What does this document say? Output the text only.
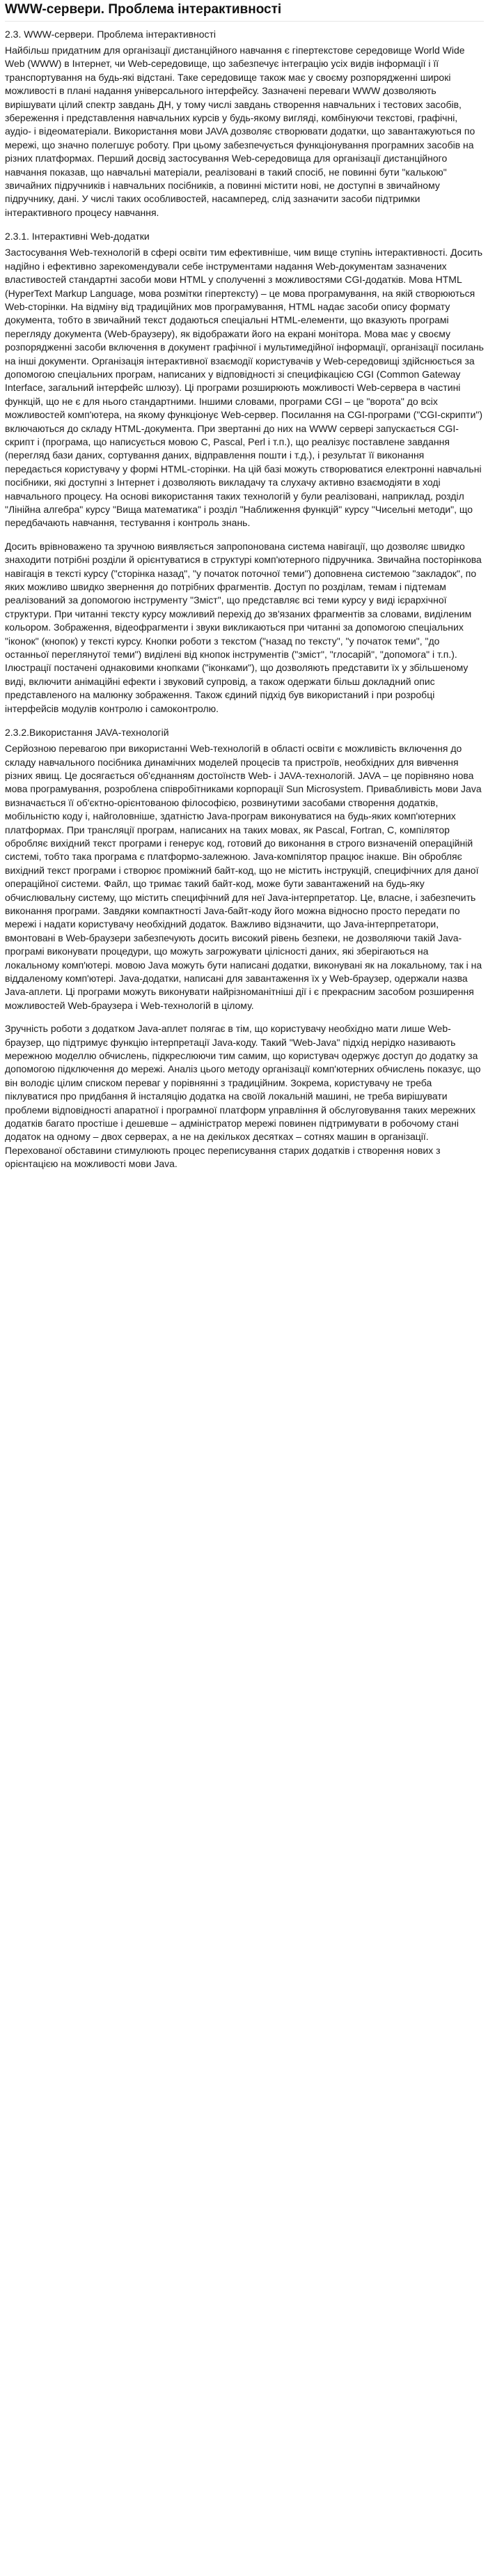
WWW-сервери. Проблема інтерактивності
2.3. WWW-сервери. Проблема інтерактивності

Найбільш придатним для організації дистанційного навчання є гіпертекстове середовище World Wide Web (WWW) в Інтернет, чи Web-середовище, що забезпечує інтеграцію усіх видів інформації і її транспортування на будь-які відстані. Таке середовище також має у своєму розпорядженні широкі можливості в плані надання універсального інтерфейсу. Зазначені переваги WWW дозволяють вирішувати цілий спектр завдань ДН, у тому числі завдань створення навчальних і тестових засобів, збереження і представлення навчальних курсів у будь-якому вигляді, комбінуючи текстові, графічні, аудіо- і відеоматеріали. Використання мови JAVA дозволяє створювати додатки, що завантажуються по мережі, що значно полегшує роботу. При цьому забезпечується функціонування програмних засобів на різних платформах. Перший досвід застосування Web-середовища для організації дистанційного навчання показав, що навчальні матеріали, реалізовані в такий спосіб, не повинні бути "калькою" звичайних підручників і навчальних посібників, а повинні містити нові, не доступні в звичайному підручнику, дані. У числі таких особливостей, насамперед, слід зазначити засоби підтримки інтерактивного процесу навчання.

2.3.1. Інтерактивні Web-додатки

Застосування Web-технологій в сфері освіти тим ефективніше, чим вище ступінь інтерактивності. Досить надійно і ефективно зарекомендували себе інструментами надання Web-документам зазначених властивостей стандартні засоби мови HTML у сполученні з можливостями CGI-додатків. Мова HTML (HyperText Markup Language, мова розмітки гіпертексту) – це мова програмування, на якій створюються Web-сторінки. На відміну від традиційних мов програмування, HTML надає засоби опису формату документа, тобто в звичайний текст додаються спеціальні HTML-елементи, що вказують програмі перегляду документа (Web-браузеру), як відображати його на екрані монітора. Мова має у своєму розпорядженні засоби включення в документ графічної і мультимедійної інформації, організації посилань на інші документи. Організація інтерактивної взаємодії користувачів у Web-середовищі здійснюється за допомогою спеціальних програм, написаних у відповідності зі специфікацією CGI (Common Gateway Interface, загальний інтерфейс шлюзу). Ці програми розширюють можливості Web-сервера в частині функцій, що не є для нього стандартними. Іншими словами, програми CGI – це "ворота" до всіх можливостей комп'ютера, на якому функціонує Web-сервер. Посилання на CGI-програми ("CGI-скрипти") включаються до складу HTML-документа. При звертанні до них на WWW сервері запускається CGI-скрипт і (програма, що написується мовою C, Pascal, Perl і т.п.), що реалізує поставлене завдання (перегляд бази даних, сортування даних, відправлення пошти і т.д.), і результат її виконання передається користувачу у формі HTML-сторінки. На цій базі можуть створюватися електронні навчальні посібники, які доступні з Інтернет і дозволяють викладачу та слухачу активно взаємодіяти в ході навчального процесу. На основі використання таких технологій у були реалізовані, наприклад, розділ "Лінійна алгебра" курсу "Вища математика" і розділ "Наближення функцій" курсу "Чисельні методи", що передбачають навчання, тестування і контроль знань.

Досить врівноважено та зручною виявляється запропонована система навігації, що дозволяє швидко знаходити потрібні розділи й орієнтуватися в структурі комп'ютерного підручника. Звичайна посторінкова навігація в тексті курсу ("сторінка назад", "у початок поточної теми") доповнена системою "закладок", по яких можливо швидко звернення до потрібних фрагментів. Доступ по розділам, темам і підтемам реалізований за допомогою інструменту "Зміст", що представляє всі теми курсу у виді ієрархічної структури. При читанні тексту курсу можливий перехід до зв'язаних фрагментів за словами, виділеним кольором. Зображення, відеофрагменти і звуки викликаються при читанні за допомогою спеціальних "іконок" (кнопок) у тексті курсу. Кнопки роботи з текстом ("назад по тексту", "у початок теми", "до останньої переглянутої теми") виділені від кнопок інструментів ("зміст", "глосарій", "допомога" і т.п.). Ілюстрації постачені однаковими кнопками ("іконками"), що дозволяють представити їх у збільшеному виді, включити анімаційні ефекти і звуковий супровід, а також одержати більш докладний опис представленого на малюнку зображення. Також єдиний підхід був використаний і при розробці інтерфейсів модулів контролю і самоконтролю.

2.3.2.Використання JAVA-технологій

Серйозною перевагою при використанні Web-технологій в області освіти є можливість включення до складу навчального посібника динамічних моделей процесів та пристроїв, необхідних для вивчення різних явищ. Це досягається об'єднанням достоїнств Web- і JAVA-технологій. JAVA – це порівняно нова мова програмування, розроблена співробітниками корпорації Sun Microsystem. Привабливість мови Java визначається її об'єктно-орієнтованою філософією, розвинутими засобами створення додатків, мобільністю коду і, найголовніше, здатністю Java-програм виконуватися на будь-яких комп'ютерних платформах. При трансляції програм, написаних на таких мовах, як Pascal, Fortran, C, компілятор обробляє вихідний текст програми і генерує код, готовий до виконання в строго визначеній операційній системі, тобто така програма є платформо-залежною. Java-компілятор працює інакше. Він обробляє вихідний текст програми і створює проміжний байт-код, що не містить інструкцій, специфічних для даної операційної системи. Файл, що тримає такий байт-код, може бути завантажений на будь-яку обчислювальну систему, що містить специфічний для неї Java-інтерпретатор. Це, власне, і забезпечить виконання програми. Завдяки компактності Java-байт-коду його можна відносно просто передати по мережі і надати користувачу необхідний додаток. Важливо відзначити, що Java-інтерпретатори, вмонтовані в Web-браузери забезпечують досить високий рівень безпеки, не дозволяючи такій Java-програмі виконувати процедури, що можуть загрожувати цілісності даних, які зберігаються на локальному комп'ютері. мовою Java можуть бути написані додатки, виконувані як на локальному, так і на віддаленому комп'ютері. Java-додатки, написані для завантаження їх у Web-браузер, одержали назва Java-аплети. Ці програми можуть виконувати найрізноманітніші дії і є прекрасним засобом розширення можливостей Web-браузера і Web-технологій в цілому.

Зручність роботи з додатком Java-аплет полягає в тім, що користувачу необхідно мати лише Web-браузер, що підтримує функцію інтерпретації Java-коду. Такий "Web-Java" підхід нерідко називають мережною моделлю обчислень, підкреслюючи тим самим, що користувач одержує доступ до додатку за допомогою підключення до мережі. Аналіз цього методу організації комп'ютерних обчислень показує, що він володіє цілим списком переваг у порівнянні з традиційним. Зокрема, користувачу не треба піклуватися про придбання й інсталяцію додатка на своїй локальній машині, не треба вирішувати проблеми відповідності апаратної і програмної платформ управління й обслуговування таких мережних додатків багато простіше і дешевше – адміністратор мережі повинен підтримувати в робочому стані додаток на одному – двох серверах, а не на декількох десятках – сотнях машин в організації. Перехованої обставини стимулюють процес переписування старих додатків і створення нових з орієнтацією на можливості мови Java.
